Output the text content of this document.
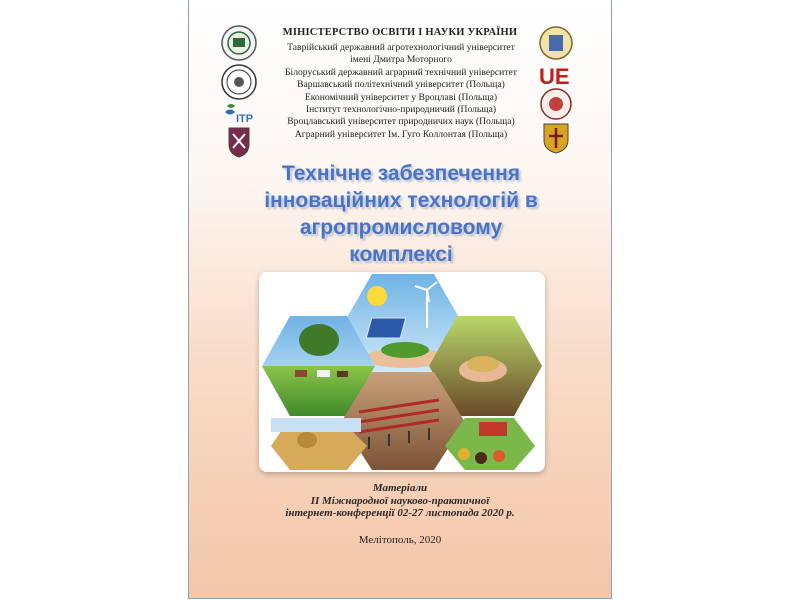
МІНІСТЕРСТВО ОСВІТИ І НАУКИ УКРАЇНИ
ITP
UE
Таврійський державний агротехнологічний університет
імені Дмитра Моторного
Білоруський державний аграрний технічний університет
Варшавський політехнічний університет (Польща)
Економічний університет у Вроцлаві (Польща)
Інститут технологічно-природничий (Польща)
Вроцлавський університет природничих наук (Польща)
Аграрний університет Ім. Гуго Коллонтая (Польща)
Технічне забезпечення
інноваційних технологій в
агропромисловому
комплексі
Матеріали
II Міжнародної науково-практичної
інтернет-конференції 02-27 листопада 2020 р.
Мелітополь, 2020
